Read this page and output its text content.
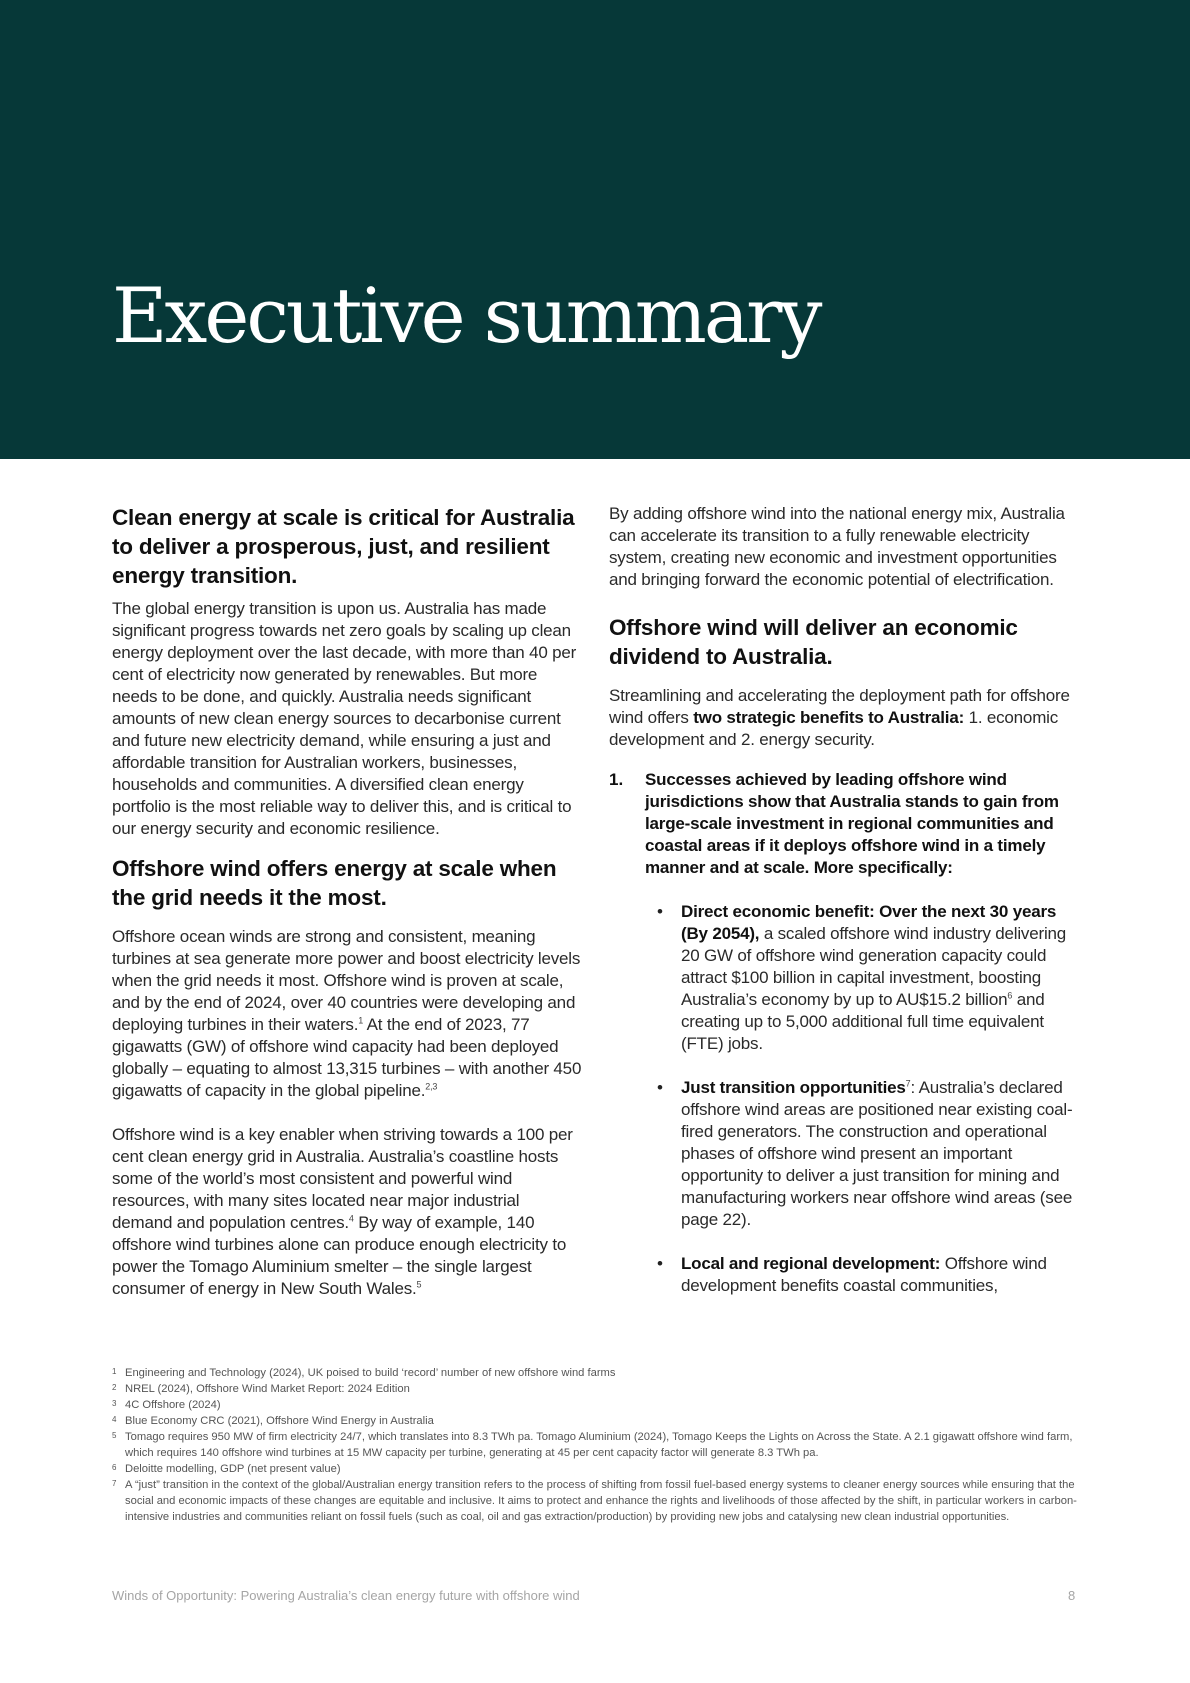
Executive summary
Clean energy at scale is critical for Australia to deliver a prosperous, just, and resilient energy transition.

The global energy transition is upon us. Australia has made significant progress towards net zero goals by scaling up clean energy deployment over the last decade, with more than 40 per cent of electricity now generated by renewables. But more needs to be done, and quickly. Australia needs significant amounts of new clean energy sources to decarbonise current and future new electricity demand, while ensuring a just and affordable transition for Australian workers, businesses, households and communities. A diversified clean energy portfolio is the most reliable way to deliver this, and is critical to our energy security and economic resilience.

Offshore wind offers energy at scale when the grid needs it the most.

Offshore ocean winds are strong and consistent, meaning turbines at sea generate more power and boost electricity levels when the grid needs it most. Offshore wind is proven at scale, and by the end of 2024, over 40 countries were developing and deploying turbines in their waters.$^1$ At the end of 2023, 77 gigawatts (GW) of offshore wind capacity had been deployed globally – equating to almost 13,315 turbines – with another 450 gigawatts of capacity in the global pipeline.$^{2,3}$

Offshore wind is a key enabler when striving towards a 100 per cent clean energy grid in Australia. Australia’s coastline hosts some of the world’s most consistent and powerful wind resources, with many sites located near major industrial demand and population centres.$^4$ By way of example, 140 offshore wind turbines alone can produce enough electricity to power the Tomago Aluminium smelter – the single largest consumer of energy in New South Wales.$^5$

By adding offshore wind into the national energy mix, Australia can accelerate its transition to a fully renewable electricity system, creating new economic and investment opportunities and bringing forward the economic potential of electrification.

Offshore wind will deliver an economic dividend to Australia.

Streamlining and accelerating the deployment path for offshore wind offers two strategic benefits to Australia: 1. economic development and 2. energy security.

1.	Successes achieved by leading offshore wind jurisdictions show that Australia stands to gain from large-scale investment in regional communities and coastal areas if it deploys offshore wind in a timely manner and at scale. More specifically:
•	Direct economic benefit: Over the next 30 years (By 2054), a scaled offshore wind industry delivering 20 GW of offshore wind generation capacity could attract $100 billion in capital investment, boosting Australia’s economy by up to AU$15.2 billion$^6$ and creating up to 5,000 additional full time equivalent (FTE) jobs.
•	Just transition opportunities$^7$: Australia’s declared offshore wind areas are positioned near existing coal-fired generators. The construction and operational phases of offshore wind present an important opportunity to deliver a just transition for mining and manufacturing workers near offshore wind areas (see page 22).
•	Local and regional development: Offshore wind development benefits coastal communities,
1 Engineering and Technology (2024), UK poised to build ‘record’ number of new offshore wind farms
2 NREL (2024), Offshore Wind Market Report: 2024 Edition
3 4C Offshore (2024)
4 Blue Economy CRC (2021), Offshore Wind Energy in Australia
5 Tomago requires 950 MW of firm electricity 24/7, which translates into 8.3 TWh pa. Tomago Aluminium (2024), Tomago Keeps the Lights on Across the State. A 2.1 gigawatt offshore wind farm, which requires 140 offshore wind turbines at 15 MW capacity per turbine, generating at 45 per cent capacity factor will generate 8.3 TWh pa.
6 Deloitte modelling, GDP (net present value)
7 A “just” transition in the context of the global/Australian energy transition refers to the process of shifting from fossil fuel-based energy systems to cleaner energy sources while ensuring that the social and economic impacts of these changes are equitable and inclusive. It aims to protect and enhance the rights and livelihoods of those affected by the shift, in particular workers in carbon-intensive industries and communities reliant on fossil fuels (such as coal, oil and gas extraction/production) by providing new jobs and catalysing new clean industrial opportunities.
Winds of Opportunity: Powering Australia’s clean energy future with offshore wind	8
